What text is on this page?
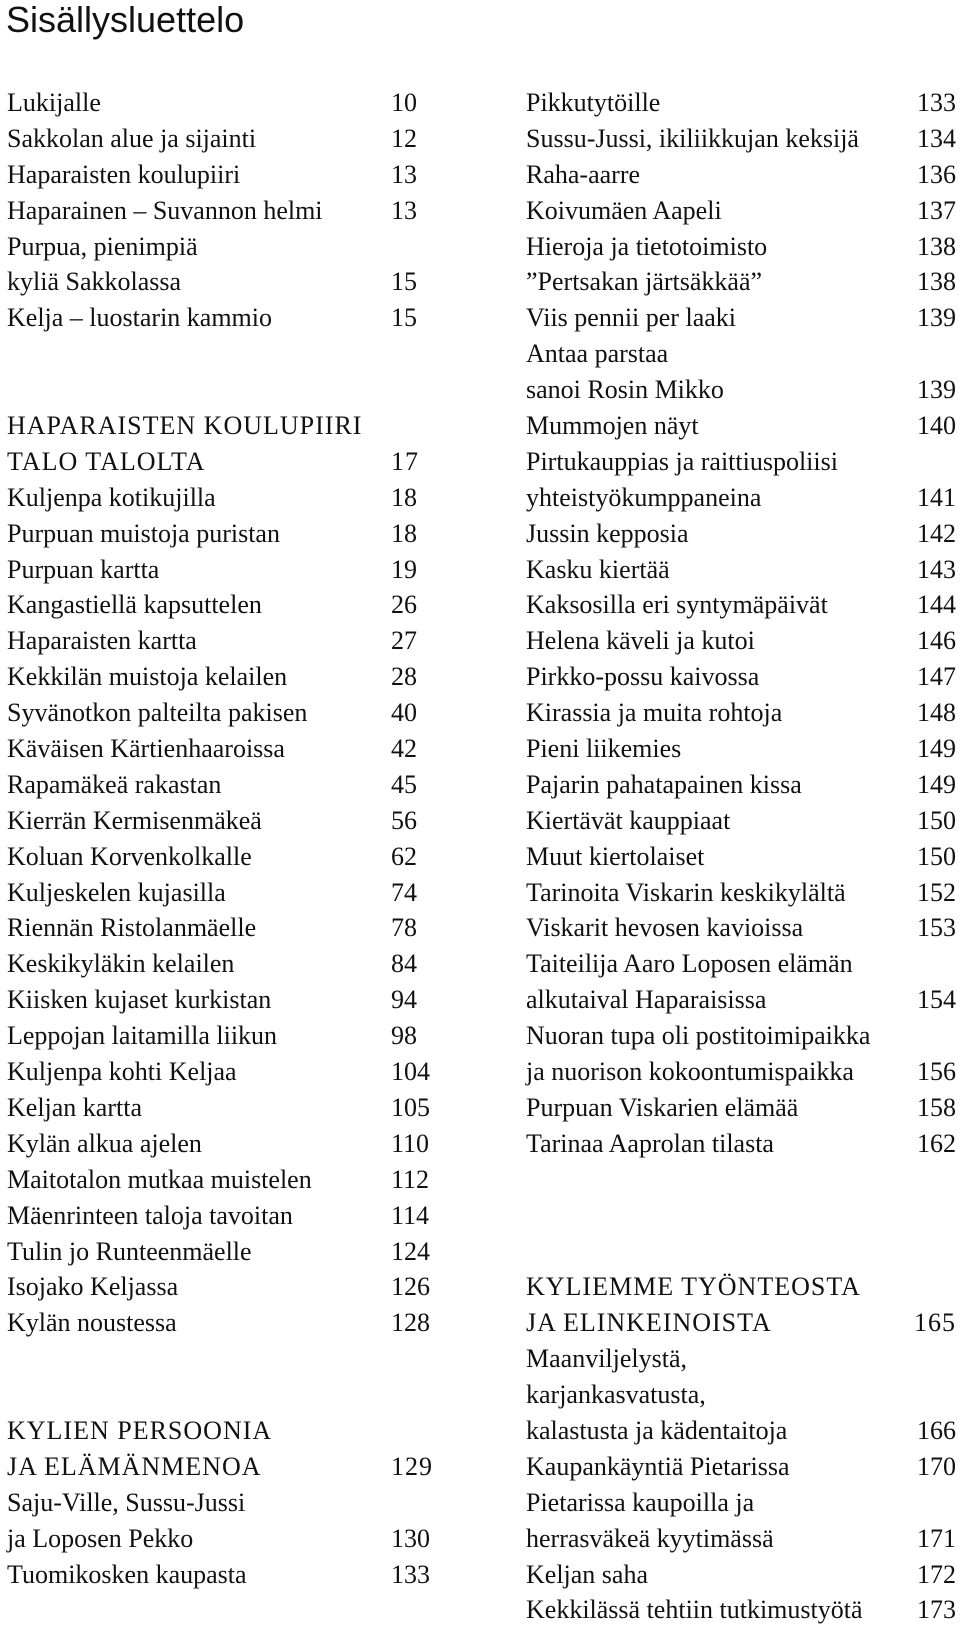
Sisällysluettelo
Lukijalle	10
Sakkolan alue ja sijainti	12
Haparaisten koulupiiri	13
Haparainen – Suvannon helmi	13
Purpua, pienimpiä
kyliä Sakkolassa	15
Kelja – luostarin kammio	15
HAPARAISTEN KOULUPIIRI
TALO TALOLTA	17
Kuljenpa kotikujilla	18
Purpuan muistoja puristan	18
Purpuan kartta	19
Kangastiellä kapsuttelen	26
Haparaisten kartta	27
Kekkilän muistoja kelailen	28
Syvänotkon palteilta pakisen	40
Käväisen Kärtienhaaroissa	42
Rapamäkeä rakastan	45
Kierrän Kermisenmäkeä	56
Koluan Korvenkolkalle	62
Kuljeskelen kujasilla	74
Riennän Ristolanmäelle	78
Keskikyläkin kelailen	84
Kiisken kujaset kurkistan	94
Leppojan laitamilla liikun	98
Kuljenpa kohti Keljaa	104
Keljan kartta	105
Kylän alkua ajelen	110
Maitotalon mutkaa muistelen	112
Mäenrinteen taloja tavoitan	114
Tulin jo Runteenmäelle	124
Isojako Keljassa	126
Kylän noustessa	128
KYLIEN PERSOONIA
JA ELÄMÄNMENOA	129
Saju-Ville, Sussu-Jussi
ja Loposen Pekko	130
Tuomikosken kaupasta	133
Pikkutytöille	133
Sussu-Jussi, ikiliikkujan keksijä 134
Raha-aarre	136
Koivumäen Aapeli	137
Hieroja ja tietotoimisto	138
”Pertsakan järtsäkkää”	138
Viis pennii per laaki	139
Antaa parstaa
sanoi Rosin Mikko	139
Mummojen näyt	140
Pirtukauppias ja raittiuspoliisi
yhteistyökumppaneina	141
Jussin kepposia	142
Kasku kiertää	143
Kaksosilla eri syntymäpäivät	144
Helena käveli ja kutoi	146
Pirkko-possu kaivossa	147
Kirassia ja muita rohtoja	148
Pieni liikemies	149
Pajarin pahatapainen kissa	149
Kiertävät kauppiaat	150
Muut kiertolaiset	150
Tarinoita Viskarin keskikylältä	152
Viskarit hevosen kavioissa	153
Taiteilija Aaro Loposen elämän
alkutaival Haparaisissa	154
Nuoran tupa oli postitoimipaikka
ja nuorison kokoontumispaikka 156
Purpuan Viskarien elämää	158
Tarinaa Aaprolan tilasta	162
KYLIEMME TYÖNTEOSTA
JA ELINKEINOISTA	165
Maanviljelystä,
karjankasvatusta,
kalastusta ja kädentaitoja	166
Kaupankäyntiä Pietarissa	170
Pietarissa kaupoilla ja
herrasväkeä kyytimässä	171
Keljan saha	172
Kekkilässä tehtiin tutkimustyötä 173
